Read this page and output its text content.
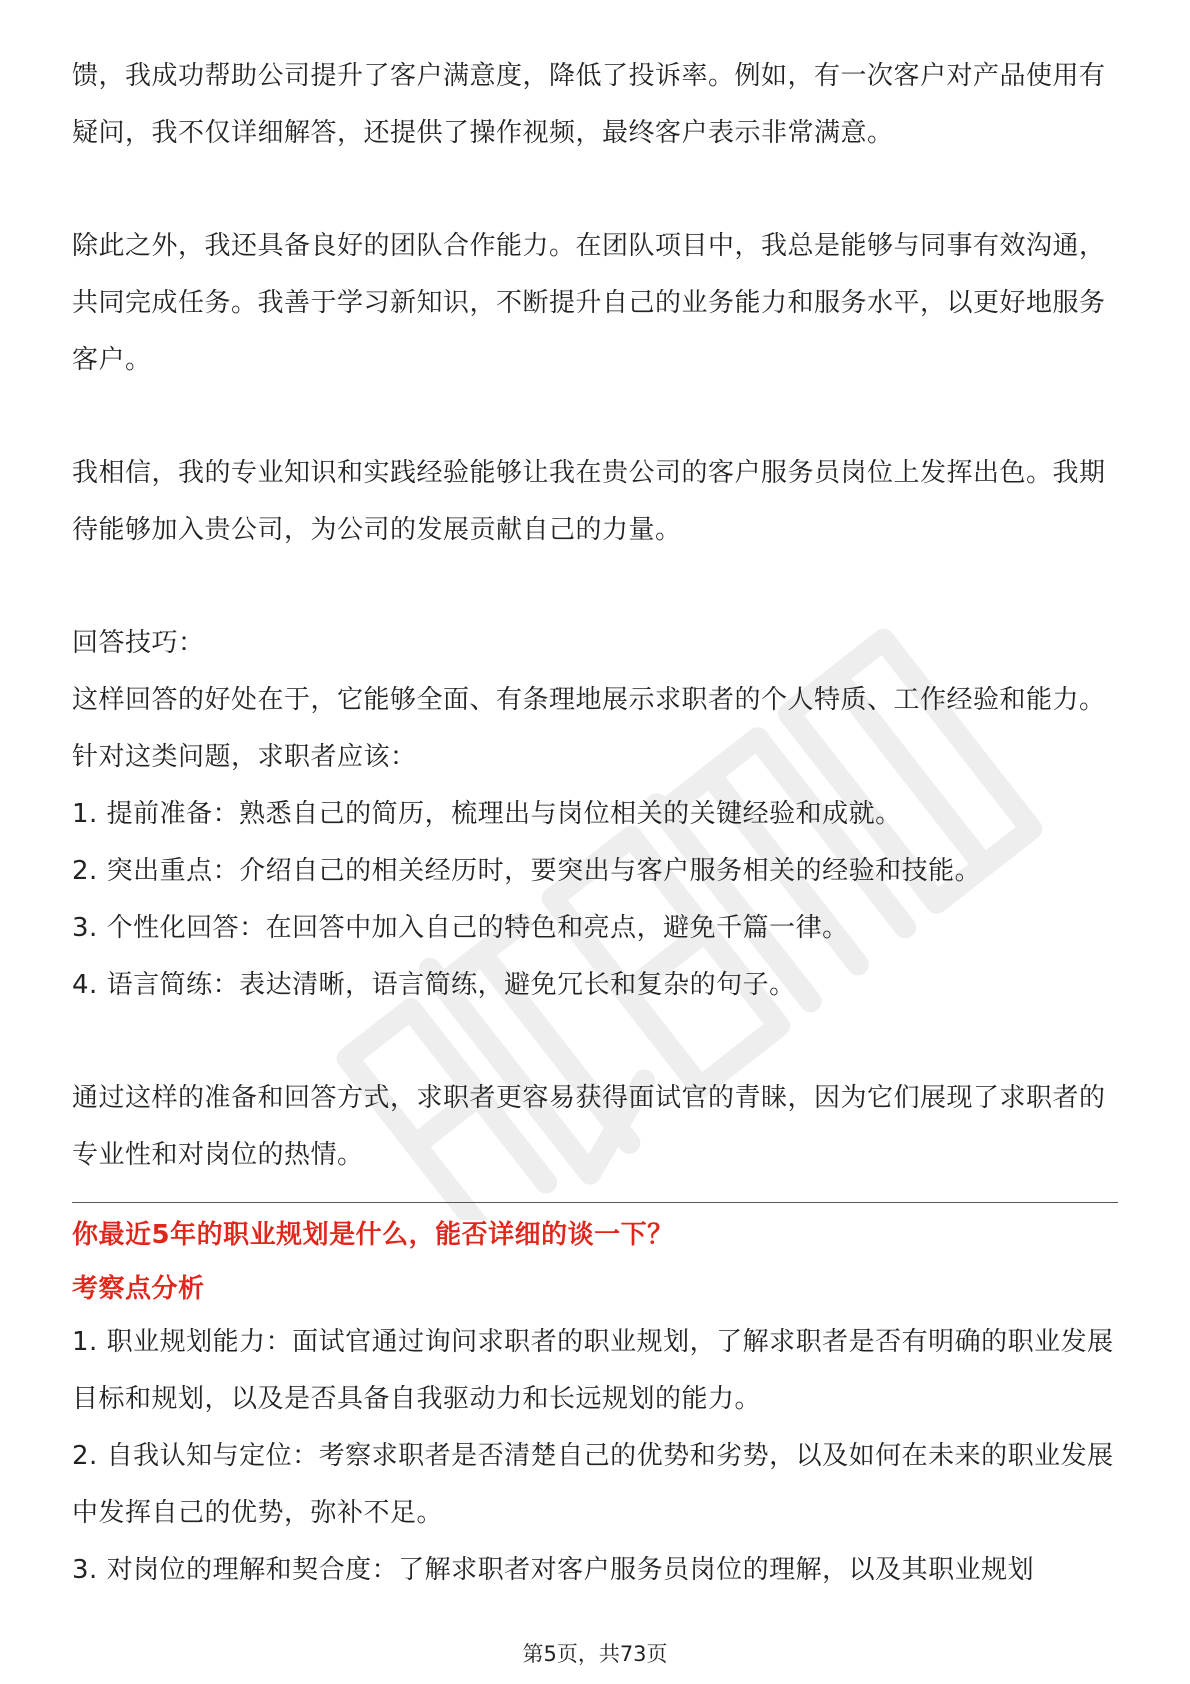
馈，我成功帮助公司提升了客户满意度，降低了投诉率。例如，有一次客户对产品使用有疑问，我不仅详细解答，还提供了操作视频，最终客户表示非常满意。

除此之外，我还具备良好的团队合作能力。在团队项目中，我总是能够与同事有效沟通，共同完成任务。我善于学习新知识，不断提升自己的业务能力和服务水平，以更好地服务客户。

我相信，我的专业知识和实践经验能够让我在贵公司的客户服务员岗位上发挥出色。我期待能够加入贵公司，为公司的发展贡献自己的力量。

回答技巧：

这样回答的好处在于，它能够全面、有条理地展示求职者的个人特质、工作经验和能力。针对这类问题，求职者应该：

1. 提前准备：熟悉自己的简历，梳理出与岗位相关的关键经验和成就。

2. 突出重点：介绍自己的相关经历时，要突出与客户服务相关的经验和技能。

3. 个性化回答：在回答中加入自己的特色和亮点，避免千篇一律。

4. 语言简练：表达清晰，语言简练，避免冗长和复杂的句子。

通过这样的准备和回答方式，求职者更容易获得面试官的青睐，因为它们展现了求职者的专业性和对岗位的热情。

你最近5年的职业规划是什么，能否详细的谈一下？

考察点分析

1. 职业规划能力：面试官通过询问求职者的职业规划，了解求职者是否有明确的职业发展目标和规划，以及是否具备自我驱动力和长远规划的能力。

2. 自我认知与定位：考察求职者是否清楚自己的优势和劣势，以及如何在未来的职业发展中发挥自己的优势，弥补不足。

3. 对岗位的理解和契合度：了解求职者对客户服务员岗位的理解，以及其职业规划

第5页，共73页
